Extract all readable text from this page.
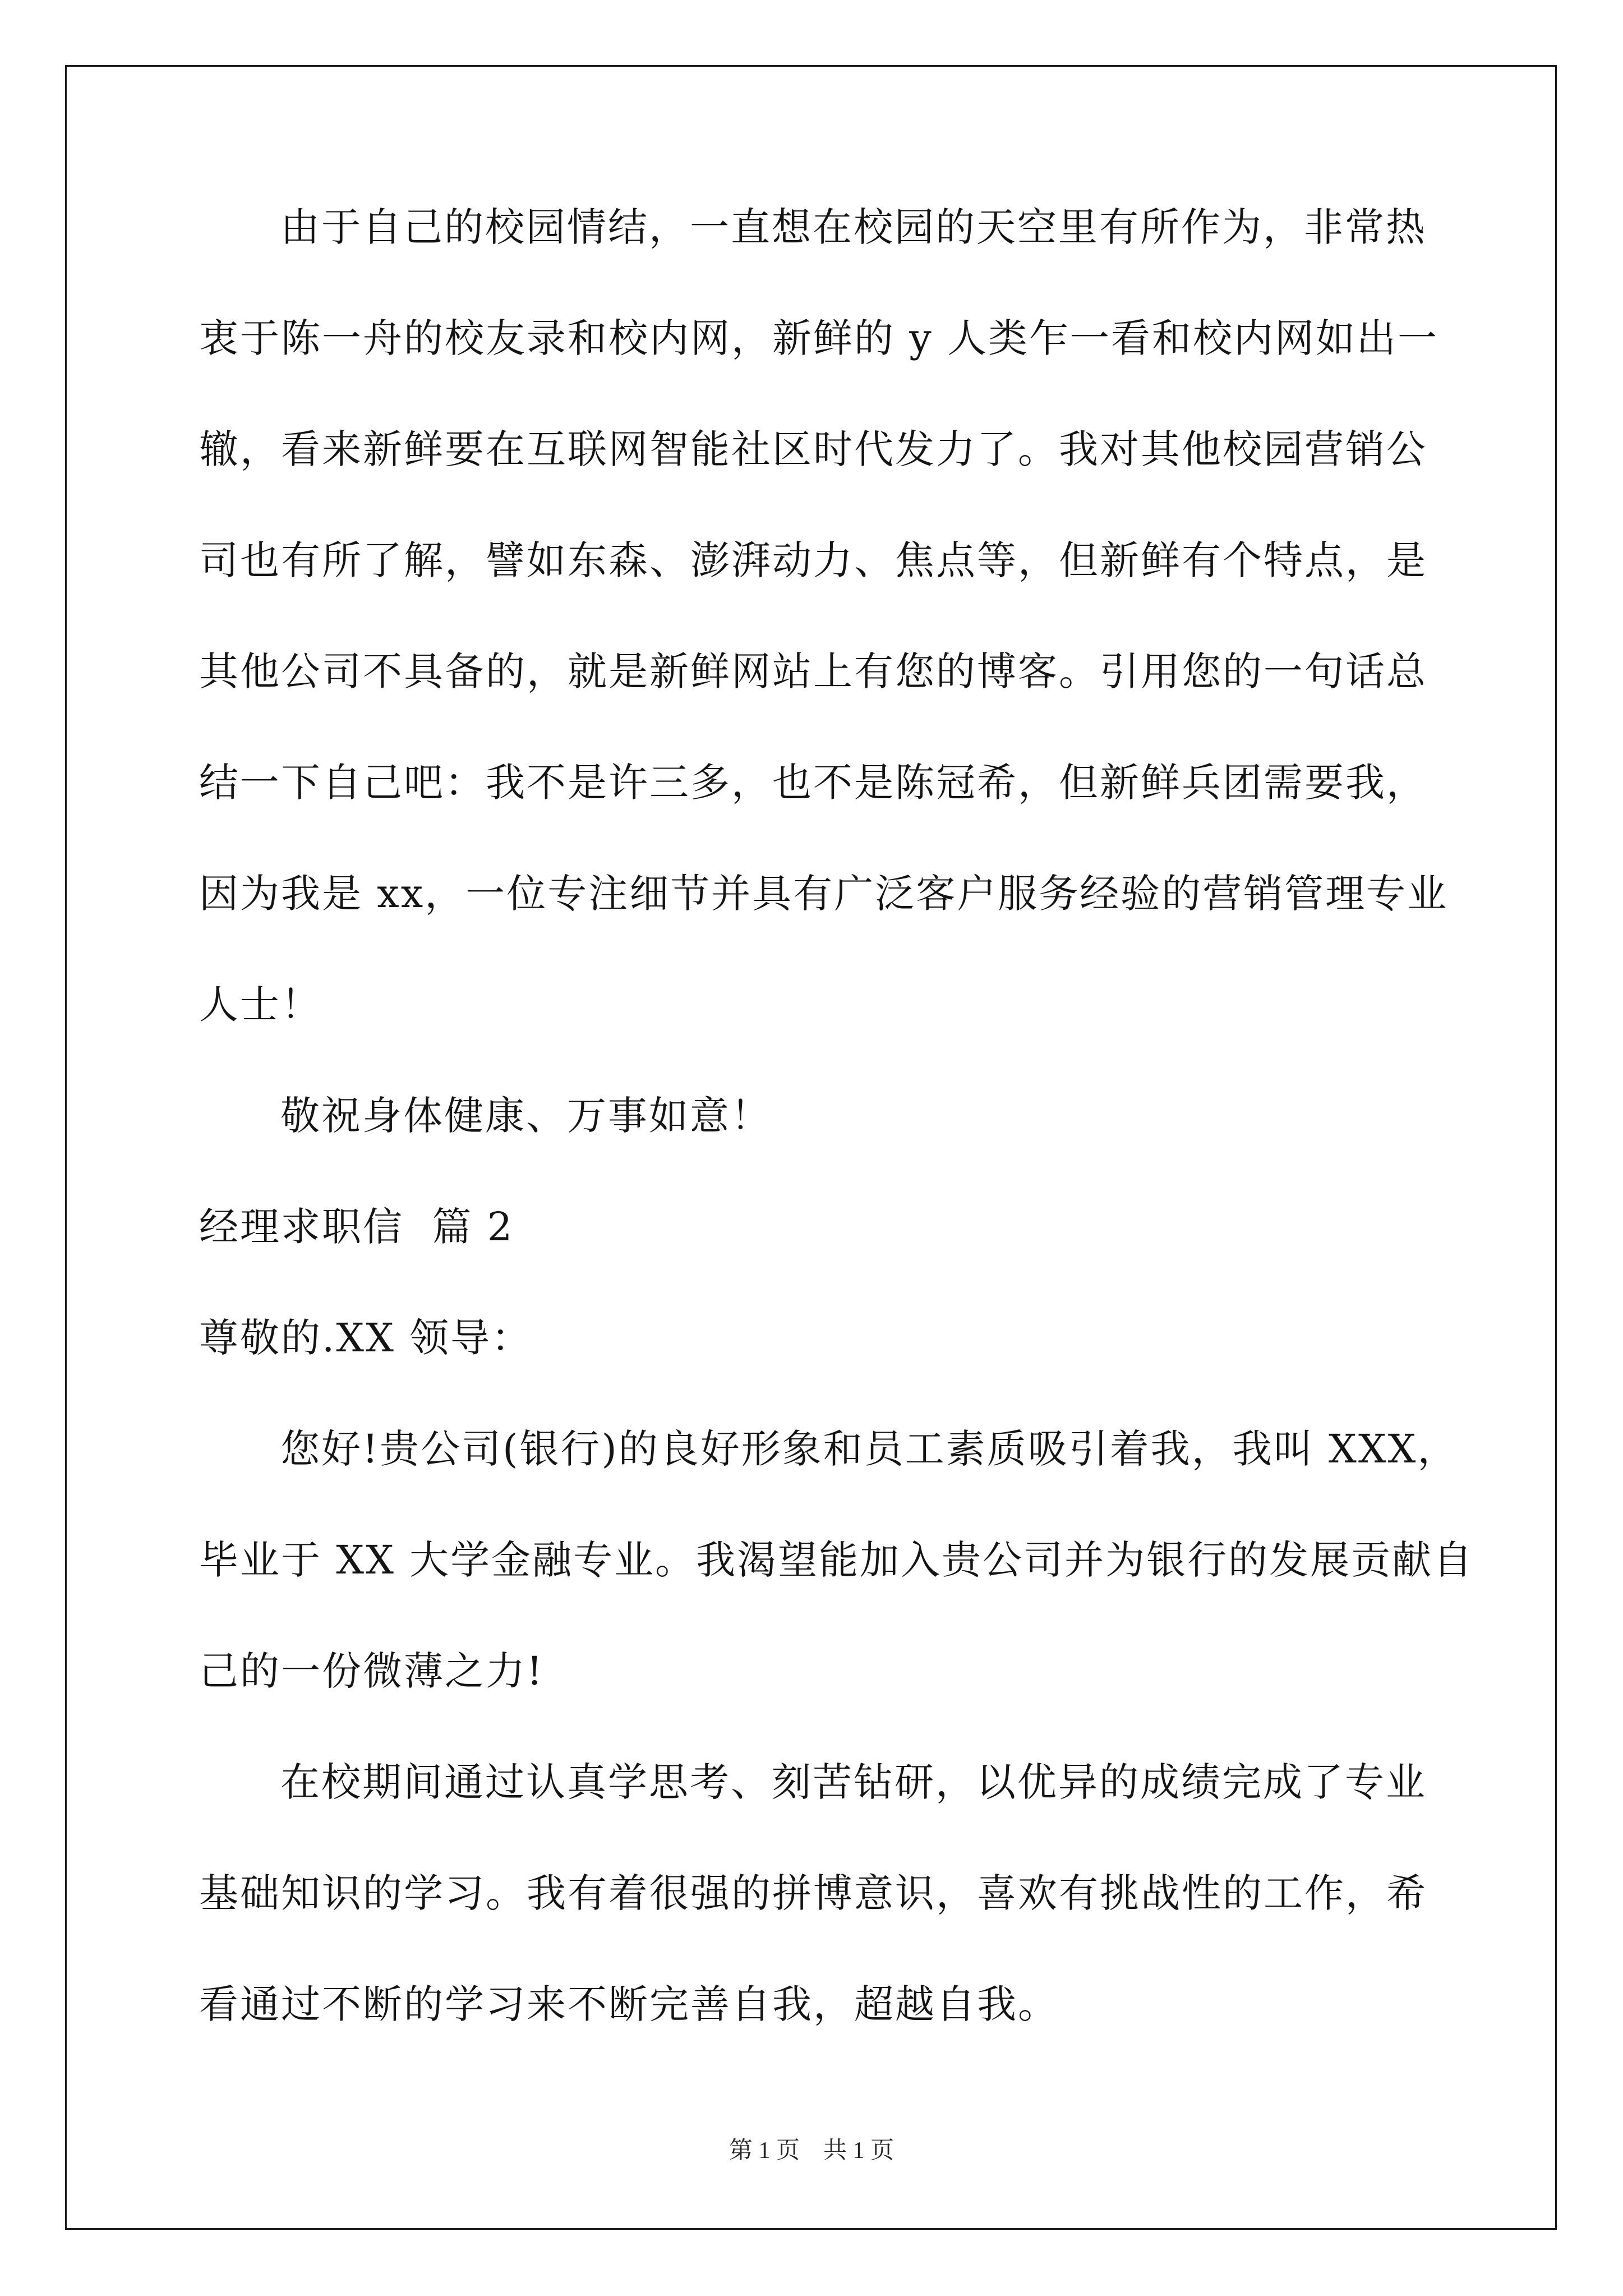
由于自己的校园情结，一直想在校园的天空里有所作为，非常热
衷于陈一舟的校友录和校内网，新鲜的 y 人类乍一看和校内网如出一
辙，看来新鲜要在互联网智能社区时代发力了。我对其他校园营销公
司也有所了解，譬如东森、澎湃动力、焦点等，但新鲜有个特点，是
其他公司不具备的，就是新鲜网站上有您的博客。引用您的一句话总
结一下自己吧：我不是许三多，也不是陈冠希，但新鲜兵团需要我，
因为我是 xx，一位专注细节并具有广泛客户服务经验的营销管理专业
人士！
敬祝身体健康、万事如意！
经理求职信  篇 2
尊敬的.XX 领导：
您好!贵公司(银行)的良好形象和员工素质吸引着我，我叫 XXX，
毕业于 XX 大学金融专业。我渴望能加入贵公司并为银行的发展贡献自
己的一份微薄之力!
在校期间通过认真学思考、刻苦钻研，以优异的成绩完成了专业
基础知识的学习。我有着很强的拼博意识，喜欢有挑战性的工作，希
看通过不断的学习来不断完善自我，超越自我。
第 1 页    共 1 页
